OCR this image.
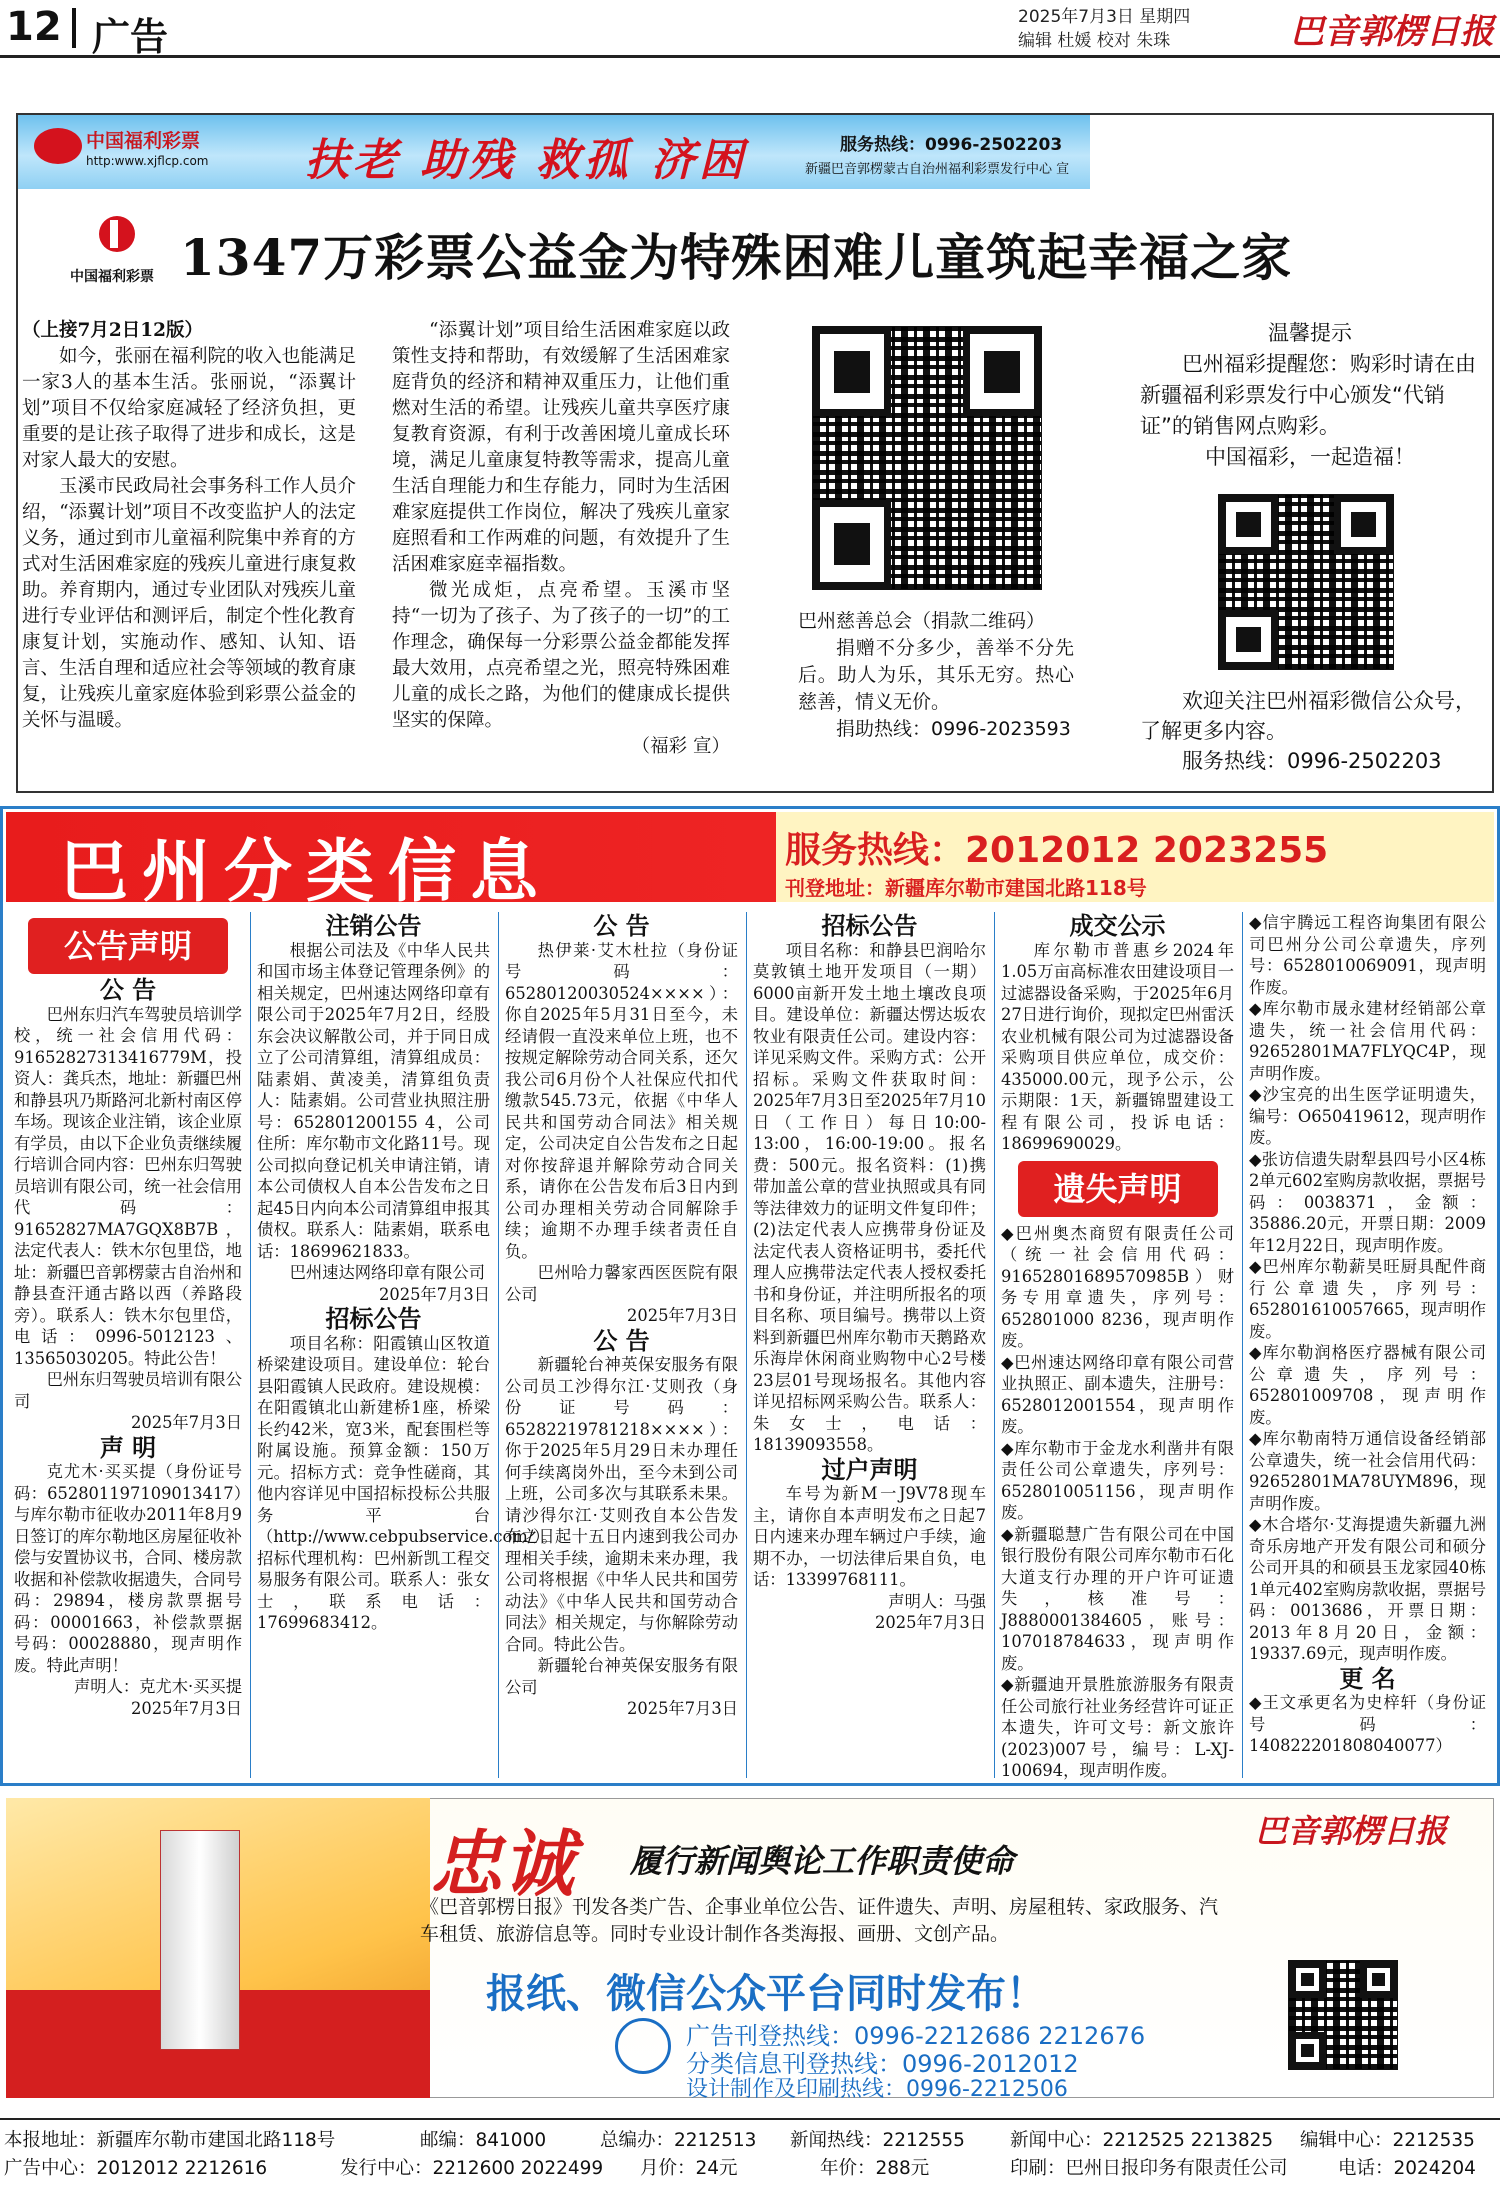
12 广告	2025年7月3日 星期四
编辑 杜媛 校对 朱珠	巴音郭楞日报
中国福利彩票
http:www.xjflcp.com 扶老 助残 救孤 济困	服务热线：0996-2502203
新疆巴音郭楞蒙古自治州福利彩票发行中心 宣
中国福利彩票 1347万彩票公益金为特殊困难儿童筑起幸福之家
（上接7月2日12版）

如今，张丽在福利院的收入也能满足一家3人的基本生活。张丽说，“添翼计划”项目不仅给家庭减轻了经济负担，更重要的是让孩子取得了进步和成长，这是对家人最大的安慰。

玉溪市民政局社会事务科工作人员介绍，“添翼计划”项目不改变监护人的法定义务，通过到市儿童福利院集中养育的方式对生活困难家庭的残疾儿童进行康复救助。养育期内，通过专业团队对残疾儿童进行专业评估和测评后，制定个性化教育康复计划，实施动作、感知、认知、语言、生活自理和适应社会等领域的教育康复，让残疾儿童家庭体验到彩票公益金的关怀与温暖。

“添翼计划”项目给生活困难家庭以政策性支持和帮助，有效缓解了生活困难家庭背负的经济和精神双重压力，让他们重燃对生活的希望。让残疾儿童共享医疗康复教育资源，有利于改善困境儿童成长环境，满足儿童康复特教等需求，提高儿童生活自理能力和生存能力，同时为生活困难家庭提供工作岗位，解决了残疾儿童家庭照看和工作两难的问题，有效提升了生活困难家庭幸福指数。

微光成炬，点亮希望。玉溪市坚持“一切为了孩子、为了孩子的一切”的工作理念，确保每一分彩票公益金都能发挥最大效用，点亮希望之光，照亮特殊困难儿童的成长之路，为他们的健康成长提供坚实的保障。

（福彩 宣）
巴州慈善总会（捐款二维码）

捐赠不分多少，善举不分先后。助人为乐，其乐无穷。热心慈善，情义无价。

捐助热线：0996-2023593

温馨提示

巴州福彩提醒您：购彩时请在由新疆福利彩票发行中心颁发“代销证”的销售网点购彩。

中国福彩，一起造福！

欢迎关注巴州福彩微信公众号，了解更多内容。

服务热线：0996-2502203

巴州分类信息	服务热线：2012012 2023255
刊登地址：新疆库尔勒市建国北路118号
公告声明
公 告

巴州东归汽车驾驶员培训学校，统一社会信用代码：91652827313416779M，投资人：龚兵杰，地址：新疆巴州和静县巩乃斯路河北新村南区停车场。现该企业注销，该企业原有学员，由以下企业负责继续履行培训合同内容：巴州东归驾驶员培训有限公司，统一社会信用代码：91652827MA7GQX8B7B，法定代表人：铁木尔包里岱，地址：新疆巴音郭楞蒙古自治州和静县查汗通古路以西（养路段旁）。联系人：铁木尔包里岱，电话：0996-5012123、13565030205。特此公告！

巴州东归驾驶员培训有限公司

2025年7月3日
声 明

克尤木·买买提（身份证号码：652801197109013417）与库尔勒市征收办2011年8月9日签订的库尔勒地区房屋征收补偿与安置协议书，合同、楼房款收据和补偿款收据遗失，合同号码：29894，楼房款票据号码：00001663，补偿款票据号码：00028880，现声明作废。特此声明！

声明人：克尤木·买买提
2025年7月3日
注销公告

根据公司法及《中华人民共和国市场主体登记管理条例》的相关规定，巴州速达网络印章有限公司于2025年7月2日，经股东会决议解散公司，并于同日成立了公司清算组，清算组成员：陆素娟、黄凌美，清算组负责人：陆素娟。公司营业执照注册号：652801200155 4，公司住所：库尔勒市文化路11号。现公司拟向登记机关申请注销，请本公司债权人自本公告发布之日起45日内向本公司清算组申报其债权。联系人：陆素娟，联系电话：18699621833。

巴州速达网络印章有限公司

2025年7月3日
招标公告

项目名称：阳霞镇山区牧道桥梁建设项目。建设单位：轮台县阳霞镇人民政府。建设规模：在阳霞镇北山新建桥1座，桥梁长约42米，宽3米，配套围栏等附属设施。预算金额：150万元。招标方式：竞争性磋商，其他内容详见中国招标投标公共服务平台（http://www.cebpubservice.com/）。招标代理机构：巴州新凯工程交易服务有限公司。联系人：张女士，联系电话：17699683412。

公 告

热伊莱·艾木杜拉（身份证号码：65280120030524××××）：你自2025年5月31日至今，未经请假一直没来单位上班，也不按规定解除劳动合同关系，还欠我公司6月份个人社保应代扣代缴款545.73元，依据《中华人民共和国劳动合同法》相关规定，公司决定自公告发布之日起对你按辞退并解除劳动合同关系，请你在公告发布后3日内到公司办理相关劳动合同解除手续；逾期不办理手续者责任自负。

巴州哈力馨家西医医院有限公司

2025年7月3日
公 告

新疆轮台神英保安服务有限公司员工沙得尔江·艾则孜（身份证号码：65282219781218××××）：你于2025年5月29日未办理任何手续离岗外出，至今未到公司上班，公司多次与其联系未果。请沙得尔江·艾则孜自本公告发布之日起十五日内速到我公司办理相关手续，逾期未来办理，我公司将根据《中华人民共和国劳动法》《中华人民共和国劳动合同法》相关规定，与你解除劳动合同。特此公告。

新疆轮台神英保安服务有限公司

2025年7月3日
招标公告

项目名称：和静县巴润哈尔莫敦镇土地开发项目（一期）6000亩新开发土地土壤改良项目。建设单位：新疆达愣达坂农牧业有限责任公司。建设内容：详见采购文件。采购方式：公开招标。采购文件获取时间：2025年7月3日至2025年7月10日（工作日）每日10:00-13:00，16:00-19:00。报名费：500元。报名资料：(1)携带加盖公章的营业执照或具有同等法律效力的证明文件复印件；(2)法定代表人应携带身份证及法定代表人资格证明书，委托代理人应携带法定代表人授权委托书和身份证，并注明所报名的项目名称、项目编号。携带以上资料到新疆巴州库尔勒市天鹅路欢乐海岸休闲商业购物中心2号楼23层01号现场报名。其他内容详见招标网采购公告。联系人：朱女士，电话：18139093558。

过户声明

车号为新M一J9V78现车主，请你自本声明发布之日起7日内速来办理车辆过户手续，逾期不办，一切法律后果自负，电话：13399768111。

声明人：马强
2025年7月3日
成交公示

库尔勒市普惠乡2024年1.05万亩高标准农田建设项目一过滤器设备采购，于2025年6月27日进行询价，现拟定巴州雷沃农业机械有限公司为过滤器设备采购项目供应单位，成交价：435000.00元，现予公示，公示期限：1天，新疆锦盟建设工程有限公司，投诉电话：18699690029。

遗失声明
◆巴州奥杰商贸有限责任公司（统一社会信用代码：91652801689570985B）财务专用章遗失，序列号：652801000 8236，现声明作废。
◆巴州速达网络印章有限公司营业执照正、副本遗失，注册号：6528012001554，现声明作废。
◆库尔勒市于金龙水利凿井有限责任公司公章遗失，序列号：6528010051156，现声明作废。
◆新疆聪慧广告有限公司在中国银行股份有限公司库尔勒市石化大道支行办理的开户许可证遗失，核准号：J8880001384605，账号：107018784633，现声明作废。
◆新疆迪开景胜旅游服务有限责任公司旅行社业务经营许可证正本遗失，许可文号：新文旅许(2023)007号，编号：L-XJ-100694，现声明作废。
◆信宇腾远工程咨询集团有限公司巴州分公司公章遗失，序列号：6528010069091，现声明作废。
◆库尔勒市晟永建材经销部公章遗失，统一社会信用代码：92652801MA7FLYQC4P，现声明作废。
◆沙宝亮的出生医学证明遗失，编号：O650419612，现声明作废。
◆张访信遗失尉犁县四号小区4栋2单元602室购房款收据，票据号码：0038371，金额：35886.20元，开票日期：2009年12月22日，现声明作废。
◆巴州库尔勒薪昊旺厨具配件商行公章遗失，序列号：652801610057665，现声明作废。
◆库尔勒润格医疗器械有限公司公章遗失，序列号：652801009708，现声明作废。
◆库尔勒南特万通信设备经销部公章遗失，统一社会信用代码：92652801MA78UYM896，现声明作废。
◆木合塔尔·艾海提遗失新疆九洲奇乐房地产开发有限公司和硕分公司开具的和硕县玉龙家园40栋1单元402室购房款收据，票据号码：0013686，开票日期：2013年8月20日，金额：19337.69元，现声明作废。
更 名
◆王文承更名为史梓轩（身份证号码：140822201808040077）
忠诚 履行新闻舆论工作职责使命
巴音郭楞日报
《巴音郭楞日报》刊发各类广告、企事业单位公告、证件遗失、声明、房屋租转、家政服务、汽车租赁、旅游信息等。同时专业设计制作各类海报、画册、文创产品。
报纸、微信公众平台同时发布！
广告刊登热线：0996-2212686 2212676
分类信息刊登热线：0996-2012012
设计制作及印刷热线：0996-2212506
本报地址：新疆库尔勒市建国北路118号	邮编：841000	总编办：2212513 新闻热线：2212555 新闻中心：2212525 2213825 编辑中心：2212535
广告中心：2012012 2212616	发行中心：2212600 2022499 月价：24元	年价：288元	印刷：巴州日报印务有限责任公司	电话：2024204
